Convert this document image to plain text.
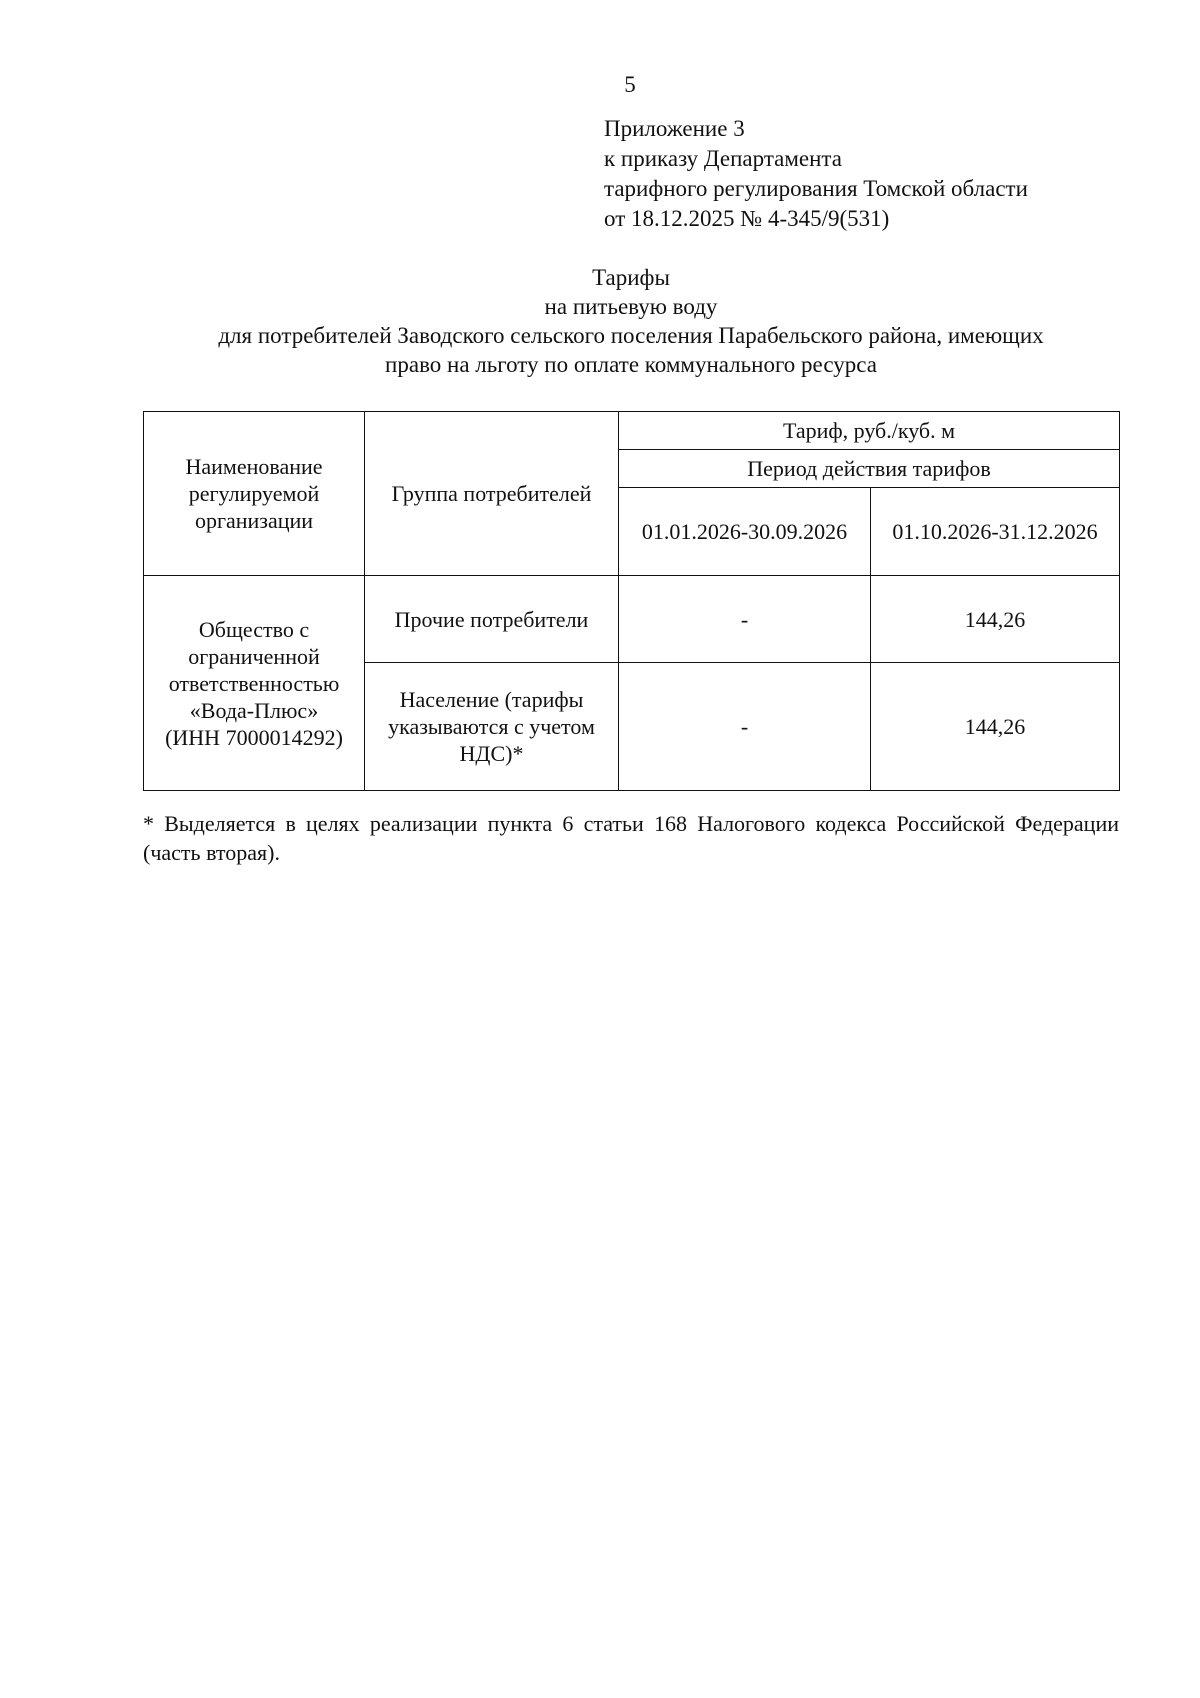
5
Приложение 3
к приказу Департамента
тарифного регулирования Томской области
от 18.12.2025 № 4-345/9(531)
Тарифы
на питьевую воду
для потребителей Заводского сельского поселения Парабельского района, имеющих
право на льготу по оплате коммунального ресурса
Наименование регулируемой организации	Группа потребителей	Тариф, руб./куб. м	
		Период действия тарифов	
		01.01.2026-30.09.2026	01.10.2026-31.12.2026

Общество с
ограниченной
ответственностью
«Вода-Плюс»
(ИНН 7000014292)	Прочие потребители	-	144,26
	Население (тарифы указываются с учетом НДС)*	-	144,26
* Выделяется в целях реализации пункта 6 статьи 168 Налогового кодекса Российской Федерации (часть вторая).
